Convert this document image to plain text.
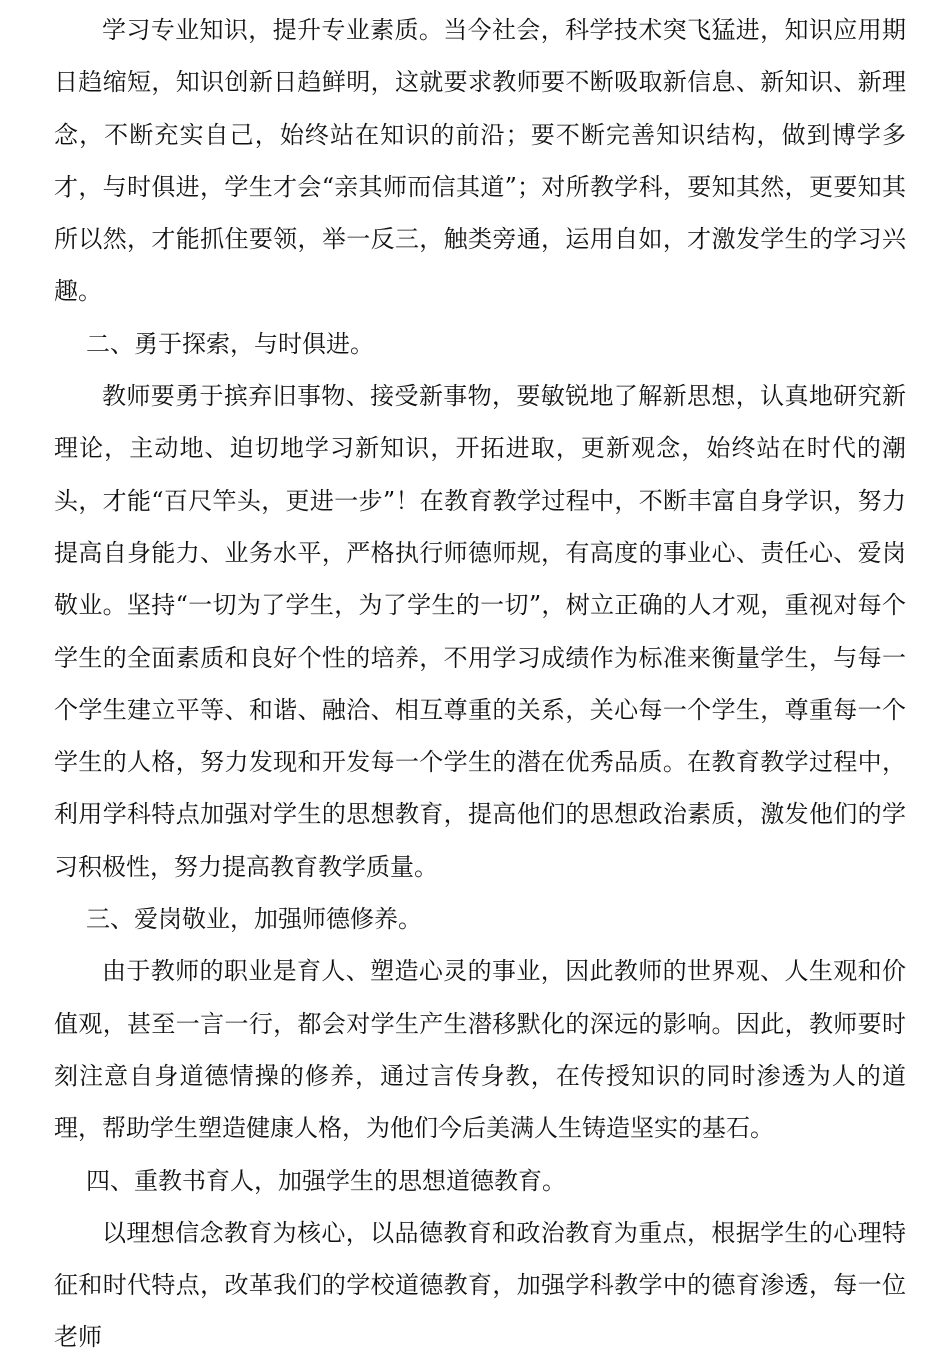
学习专业知识，提升专业素质。当今社会，科学技术突飞猛进，知识应用期日趋缩短，知识创新日趋鲜明，这就要求教师要不断吸取新信息、新知识、新理念，不断充实自己，始终站在知识的前沿；要不断完善知识结构，做到博学多才，与时俱进，学生才会“亲其师而信其道”；对所教学科，要知其然，更要知其所以然，才能抓住要领，举一反三，触类旁通，运用自如，才激发学生的学习兴趣。

二、勇于探索，与时俱进。

教师要勇于摈弃旧事物、接受新事物，要敏锐地了解新思想，认真地研究新理论，主动地、迫切地学习新知识，开拓进取，更新观念，始终站在时代的潮头，才能“百尺竿头，更进一步”！在教育教学过程中，不断丰富自身学识，努力提高自身能力、业务水平，严格执行师德师规，有高度的事业心、责任心、爱岗敬业。坚持“一切为了学生，为了学生的一切”，树立正确的人才观，重视对每个学生的全面素质和良好个性的培养，不用学习成绩作为标准来衡量学生，与每一个学生建立平等、和谐、融洽、相互尊重的关系，关心每一个学生，尊重每一个学生的人格，努力发现和开发每一个学生的潜在优秀品质。在教育教学过程中，利用学科特点加强对学生的思想教育，提高他们的思想政治素质，激发他们的学习积极性，努力提高教育教学质量。

三、爱岗敬业，加强师德修养。

由于教师的职业是育人、塑造心灵的事业，因此教师的世界观、人生观和价值观，甚至一言一行，都会对学生产生潜移默化的深远的影响。因此，教师要时刻注意自身道德情操的修养，通过言传身教，在传授知识的同时渗透为人的道理，帮助学生塑造健康人格，为他们今后美满人生铸造坚实的基石。

四、重教书育人，加强学生的思想道德教育。

以理想信念教育为核心，以品德教育和政治教育为重点，根据学生的心理特征和时代特点，改革我们的学校道德教育，加强学科教学中的德育渗透，每一位老师
